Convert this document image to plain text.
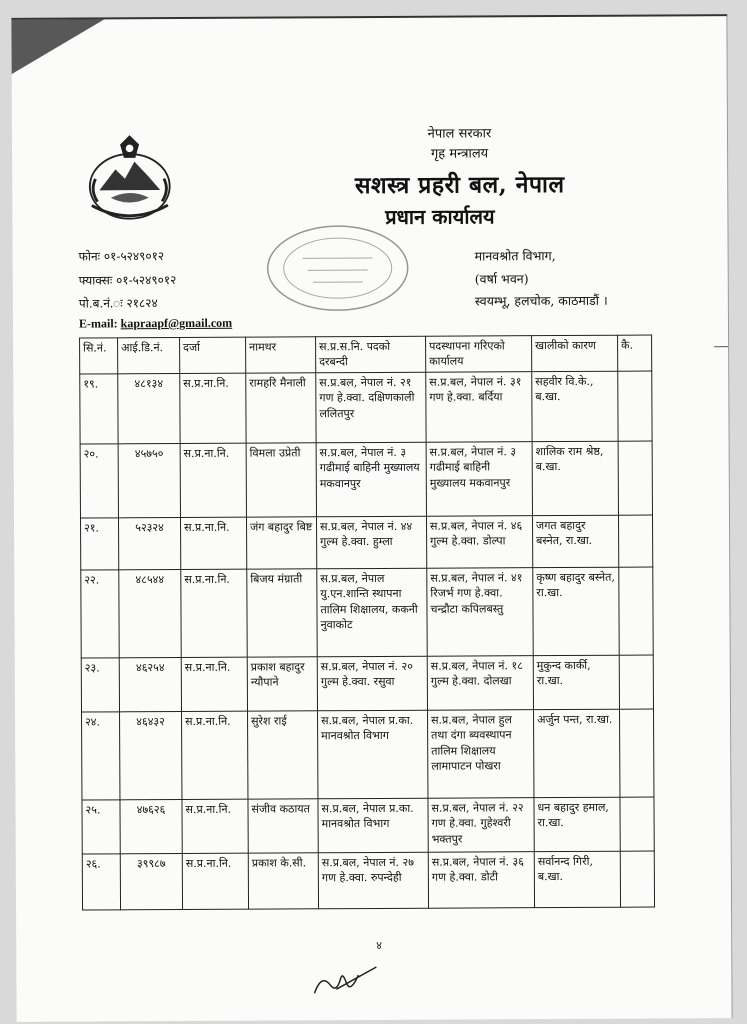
नेपाल सरकार
गृह मन्त्रालय
सशस्त्र प्रहरी बल, नेपाल
प्रधान कार्यालय
फोनः ०१-५२४९०१२
फ्याक्सः ०१-५२४९०१२
पो.ब.नं.ः २१८२४
E-mail: kapraapf@gmail.com
मानवश्रोत विभाग,
(वर्षा भवन)
स्वयम्भू, हलचोक, काठमाडौं ।
सि.नं.	आई.डि.नं.	दर्जा	नामथर	स.प्र.स.नि. पदको दरबन्दी	पदस्थापना गरिएको कार्यालय	खालीको कारण	कै.
१९.	४८१३४	स.प्र.ना.नि.	रामहरि मैनाली	स.प्र.बल, नेपाल नं. २१ गण हे.क्वा. दक्षिणकाली ललितपुर	स.प्र.बल, नेपाल नं. ३१ गण हे.क्वा. बर्दिया	सहवीर वि.के., ब.खा.	
२०.	४५७५०	स.प्र.ना.नि.	विमला उप्रेती	स.प्र.बल, नेपाल नं. ३ गढीमाई बाहिनी मुख्यालय मकवानपुर	स.प्र.बल, नेपाल नं. ३ गढीमाई बाहिनी मुख्यालय मकवानपुर	शालिक राम श्रेष्ठ, ब.खा.	
२१.	५२३२४	स.प्र.ना.नि.	जंग बहादुर बिष्ट	स.प्र.बल, नेपाल नं. ४४ गुल्म हे.क्वा. हुम्ला	स.प्र.बल, नेपाल नं. ४६ गुल्म हे.क्वा. डोल्पा	जगत बहादुर बस्नेत, रा.खा.	
२२.	४८५४४	स.प्र.ना.नि.	बिजय मंग्राती	स.प्र.बल, नेपाल यु.एन.शान्ति स्थापना तालिम शिक्षालय, ककनी नुवाकोट	स.प्र.बल, नेपाल नं. ४१ रिजर्भ गण हे.क्वा. चन्द्रौटा कपिलबस्तु	कृष्ण बहादुर बस्नेत, रा.खा.	
२३.	४६२५४	स.प्र.ना.नि.	प्रकाश बहादुर न्यौपाने	स.प्र.बल, नेपाल नं. २० गुल्म हे.क्वा. रसुवा	स.प्र.बल, नेपाल नं. १८ गुल्म हे.क्वा. दोलखा	मुकुन्द कार्की, रा.खा.	
२४.	४६४३२	स.प्र.ना.नि.	सुरेश राई	स.प्र.बल, नेपाल प्र.का. मानवश्रोत विभाग	स.प्र.बल, नेपाल हुल तथा दंगा ब्यवस्थापन तालिम शिक्षालय लामापाटन पोखरा	अर्जुन पन्त, रा.खा.	
२५.	४७६२६	स.प्र.ना.नि.	संजीव कठायत	स.प्र.बल, नेपाल प्र.का. मानवश्रोत विभाग	स.प्र.बल, नेपाल नं. २२ गण हे.क्वा. गुहेश्वरी भक्तपुर	धन बहादुर हमाल, रा.खा.	
२६.	३९९८७	स.प्र.ना.नि.	प्रकाश के.सी.	स.प्र.बल, नेपाल नं. २७ गण हे.क्वा. रुपन्देही	स.प्र.बल, नेपाल नं. ३६ गण हे.क्वा. डोटी	सर्वानन्द गिरी, ब.खा.	
४
